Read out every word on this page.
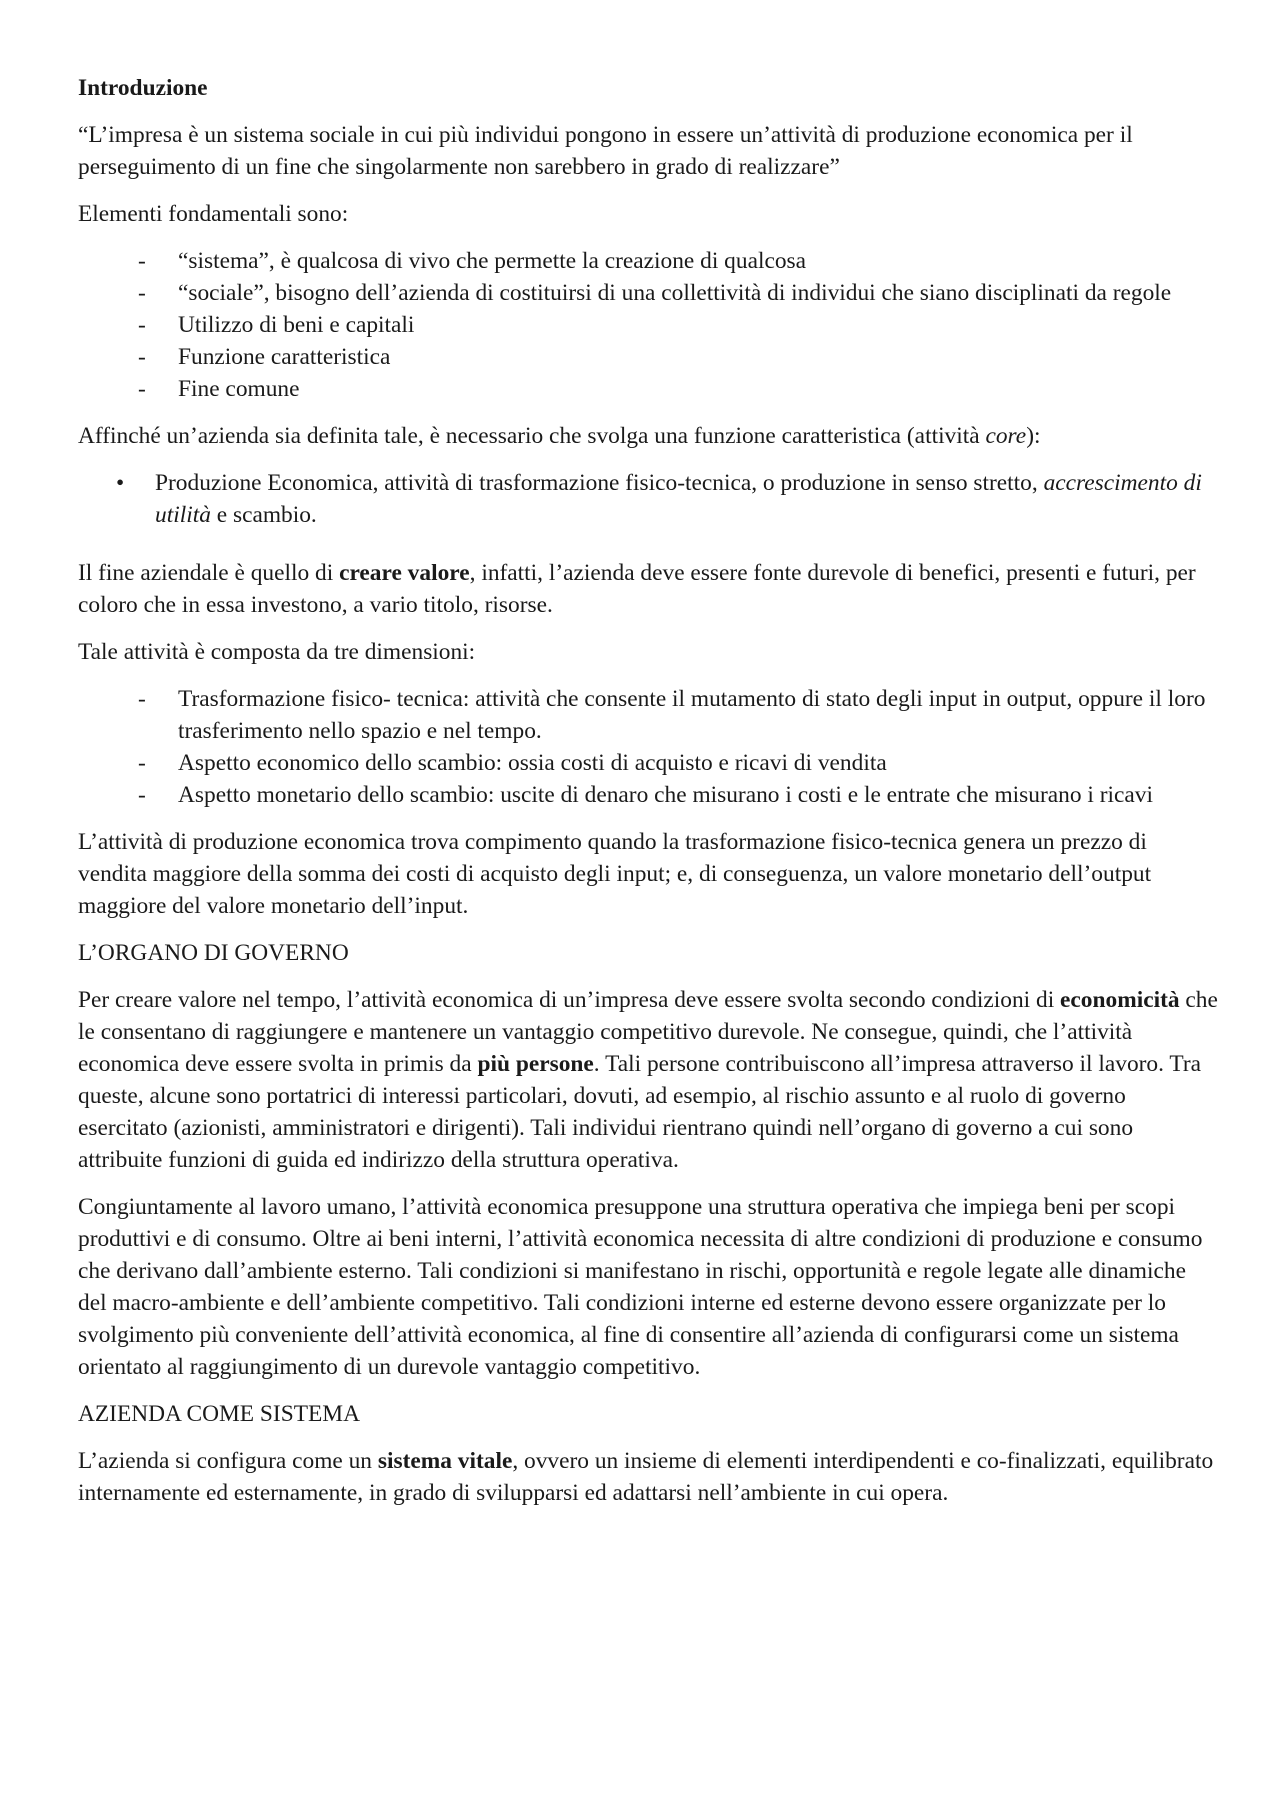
Introduzione

“L’impresa è un sistema sociale in cui più individui pongono in essere un’attività di produzione economica per il perseguimento di un fine che singolarmente non sarebbero in grado di realizzare”

Elementi fondamentali sono:

- “sistema”, è qualcosa di vivo che permette la creazione di qualcosa
- “sociale”, bisogno dell’azienda di costituirsi di una collettività di individui che siano disciplinati da regole
- Utilizzo di beni e capitali
- Funzione caratteristica
- Fine comune

Affinché un’azienda sia definita tale, è necessario che svolga una funzione caratteristica (attività core):

• Produzione Economica, attività di trasformazione fisico-tecnica, o produzione in senso stretto, accrescimento di utilità e scambio.

Il fine aziendale è quello di creare valore, infatti, l’azienda deve essere fonte durevole di benefici, presenti e futuri, per coloro che in essa investono, a vario titolo, risorse.

Tale attività è composta da tre dimensioni:

- Trasformazione fisico- tecnica: attività che consente il mutamento di stato degli input in output, oppure il loro trasferimento nello spazio e nel tempo.
- Aspetto economico dello scambio: ossia costi di acquisto e ricavi di vendita
- Aspetto monetario dello scambio: uscite di denaro che misurano i costi e le entrate che misurano i ricavi

L’attività di produzione economica trova compimento quando la trasformazione fisico-tecnica genera un prezzo di vendita maggiore della somma dei costi di acquisto degli input; e, di conseguenza, un valore monetario dell’output maggiore del valore monetario dell’input.

L’ORGANO DI GOVERNO

Per creare valore nel tempo, l’attività economica di un’impresa deve essere svolta secondo condizioni di economicità che le consentano di raggiungere e mantenere un vantaggio competitivo durevole. Ne consegue, quindi, che l’attività economica deve essere svolta in primis da più persone. Tali persone contribuiscono all’impresa attraverso il lavoro. Tra queste, alcune sono portatrici di interessi particolari, dovuti, ad esempio, al rischio assunto e al ruolo di governo esercitato (azionisti, amministratori e dirigenti). Tali individui rientrano quindi nell’organo di governo a cui sono attribuite funzioni di guida ed indirizzo della struttura operativa.

Congiuntamente al lavoro umano, l’attività economica presuppone una struttura operativa che impiega beni per scopi produttivi e di consumo. Oltre ai beni interni, l’attività economica necessita di altre condizioni di produzione e consumo che derivano dall’ambiente esterno. Tali condizioni si manifestano in rischi, opportunità e regole legate alle dinamiche del macro-ambiente e dell’ambiente competitivo. Tali condizioni interne ed esterne devono essere organizzate per lo svolgimento più conveniente dell’attività economica, al fine di consentire all’azienda di configurarsi come un sistema orientato al raggiungimento di un durevole vantaggio competitivo.

AZIENDA COME SISTEMA

L’azienda si configura come un sistema vitale, ovvero un insieme di elementi interdipendenti e co-finalizzati, equilibrato internamente ed esternamente, in grado di svilupparsi ed adattarsi nell’ambiente in cui opera.
